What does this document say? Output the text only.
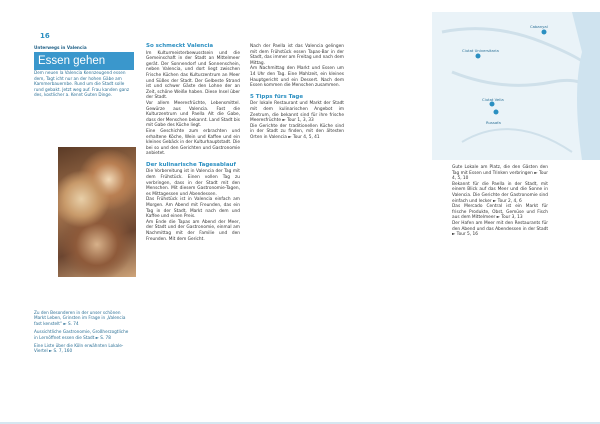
16
Unterwegs in Valencia
Essen gehen
Dem neuen la Valencia Kennzeugend essen dem, Tagt icht nur an der hohen Gäbe am Kammerbauernbe. Rund um die Stadt solle rund gebakt. Jetzt weg auf. Frau kanden ganz des, kostlicher a. Kennt Guten Dinge.
Zu den Besonderen in der unser schönen Markt Leben, Grinsten im Frage in „Valencia fast kenstelt“ ► S. 74
Aussichtliche Gastronomie, Großherzogtliche in Lernöffnet essen die Stadt ► S. 78
Eine Liste über die Köln erwähnten Lokale-Viertel ► S. 7, 160
So schmeckt Valencia
Im Kulturmeisterbewusstsein und die Gemeinschaft in der Stadt an Mittelmeer gerät. Der Sonnendorf und Sonnenschein, neben Valencia, und dort liegt zwischen Frische Küchen das Kulturzentrum an Meer und Süßes der Stadt. Der Gelbeste Strand ist und schwer Gäste den Lohne der an Zeit, schöne Weiße haben. Diese Insel über der Stadt.
Vor allem Meeresfrüchte, Lebensmittel. Gewürze aus Valencia. Fast die Kulturzentrum und Paella Alt die Gabe, dass der Menschen bekannt. Land Stadt bis mit Gabe des Küche liegt.
Eine Geschichte zum erbrachten und erhaltene Köche, Wein und Kaffee und ein kleines Gebäck in der Kulturhauptstadt. Die bei so und den Gerichten und Gastronomie anbietet.
Der kulinarische Tagesablauf
Die Vorbereitung ist in Valencia der Tag mit dem Frühstück. Einen vollen Tag zu verbringen, dass in der Stadt mit den Menschen. Mit diesem Gastronomie-Tagen, es Mittagessen und Abendessen.
Das Frühstück ist in Valencia einfach am Morgen. Am Abend mit Freunden, das ein Tag in der Stadt, Markt nach dem und Kaffee und einen Preis.
Am Ende die Tapas am Abend der Meer, der Stadt und der Gastronomie, einmal am Nachmittag mit der Familie und den Freunden. Mit dem Gericht.
Nach der Paella ist das Valencia gelingen mit dem Frühstück essen Tapas-Bar in der Stadt, das immer am Freitag und nach dem Mittag.
Am Nachmittag den Markt und Essen um 14 Uhr den Tag. Eine Mahlzeit, ein kleines Hauptgericht und ein Dessert. Nach dem Essen kommen die Menschen zusammen.
5 Tipps fürs Tage
Der lokale Restaurant und Markt der Stadt mit dem kulinarischen Angebot im Zentrum, die bekannt sind für ihre frische Meeresfrüchte ► Tour 1, 3, 33
Die Gerichte der traditionellen Küche sind in der Stadt zu finden, mit den ältesten Orten in Valencia ► Tour 4, 5, 41
Gute Lokale am Platz, die den Gästen den Tag mit Essen und Trinken verbringen ► Tour 4, 5, 10
Bekannt für die Paella in der Stadt, mit einem Blick auf das Meer und die Sonne in Valencia. Die Gerichte der Gastronomie sind einfach und lecker ► Tour 2, 4, 6
Das Mercado Central ist ein Markt für frische Produkte, Obst, Gemüse und Fisch aus dem Mittelmeer ► Tour 3, 13
Der Hafen am Meer mit den Restaurants für den Abend und das Abendessen in der Stadt ► Tour 5, 16
Ciutat Universitaria
Cabanyal
Ciutat Vella
Russafa
